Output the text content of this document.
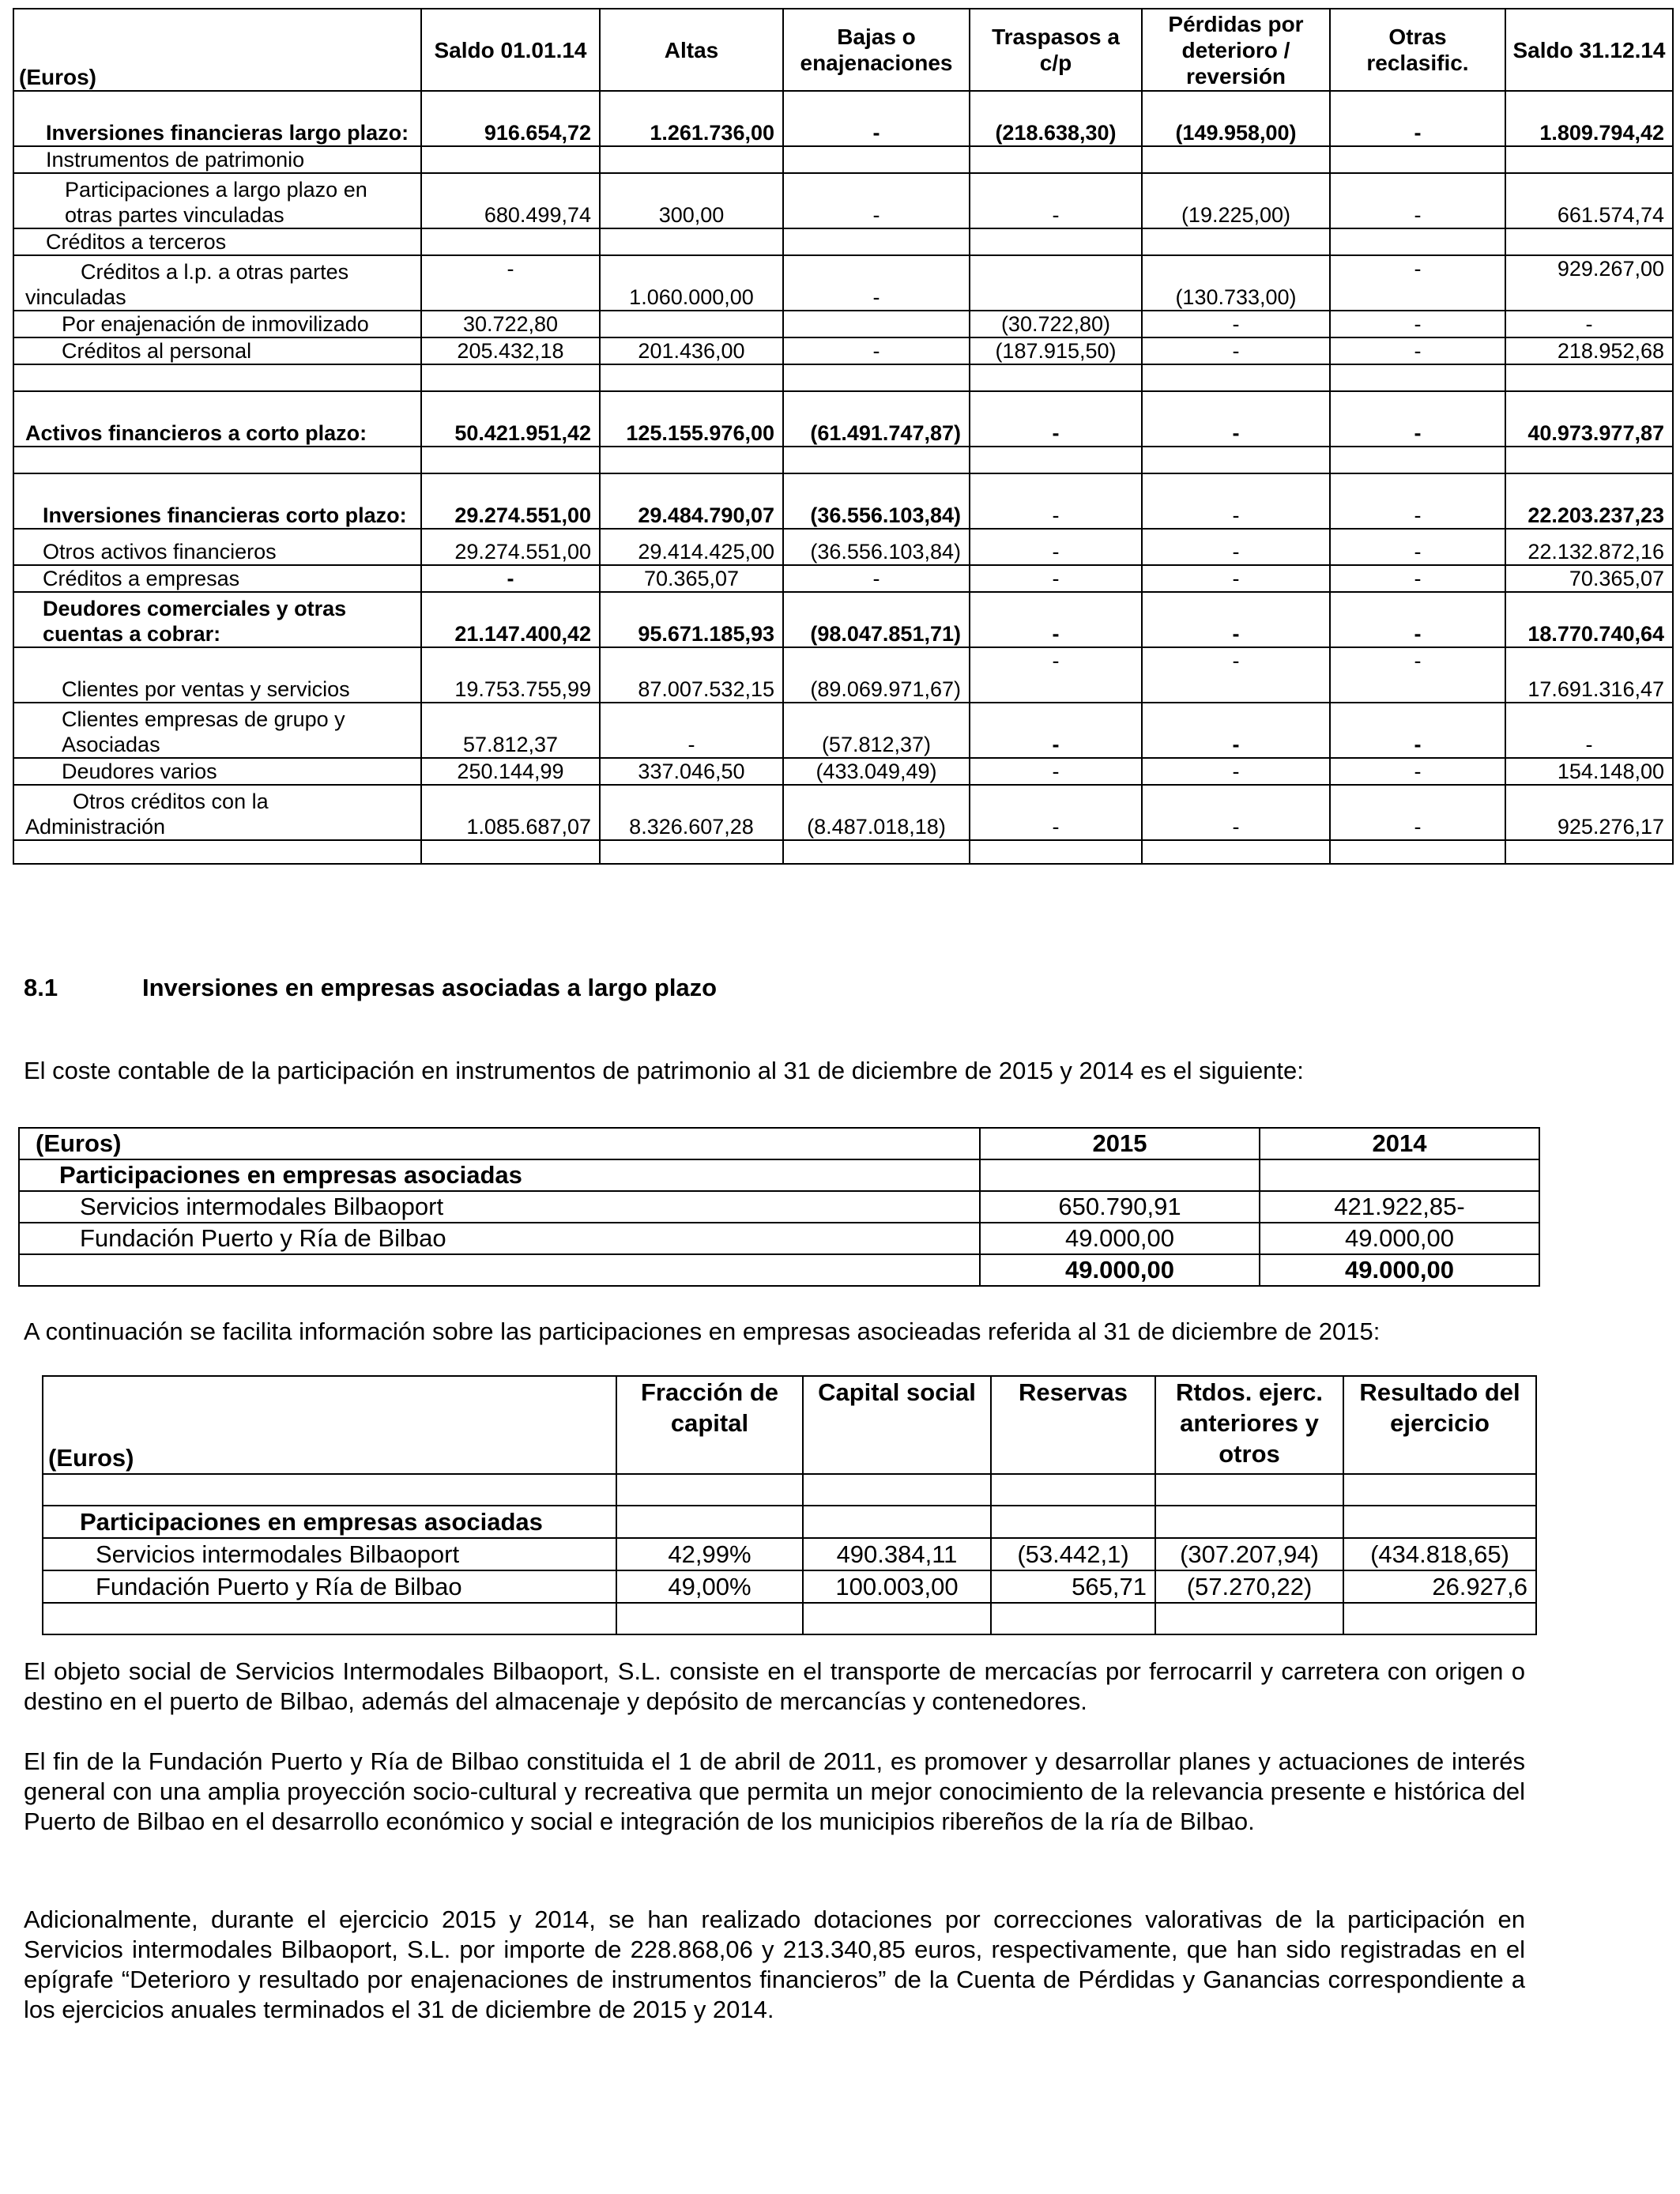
(Euros)	Saldo 01.01.14	Altas	Bajas o enajenaciones	Traspasos a c/p	Pérdidas por deterioro / reversión	Otras reclasific.	Saldo 31.12.14
Inversiones financieras largo plazo:	916.654,72	1.261.736,00	-	(218.638,30)	(149.958,00)	-	1.809.794,42
Instrumentos de patrimonio							
Participaciones a largo plazo en otras partes vinculadas	680.499,74	300,00	-	-	(19.225,00)	-	661.574,74
Créditos a terceros							
Créditos a l.p. a otras partes vinculadas	-	1.060.000,00	-		(130.733,00)	-	929.267,00
Por enajenación de inmovilizado	30.722,80			(30.722,80)	-	-	-
Créditos al personal	205.432,18	201.436,00	-	(187.915,50)	-	-	218.952,68

Activos financieros a corto plazo:	50.421.951,42	125.155.976,00	(61.491.747,87)	-	-	-	40.973.977,87

Inversiones financieras corto plazo:	29.274.551,00	29.484.790,07	(36.556.103,84)	-	-	-	22.203.237,23
Otros activos financieros	29.274.551,00	29.414.425,00	(36.556.103,84)	-	-	-	22.132.872,16
Créditos a empresas	-	70.365,07	-	-	-	-	70.365,07
Deudores comerciales y otras cuentas a cobrar:	21.147.400,42	95.671.185,93	(98.047.851,71)	-	-	-	18.770.740,64
Clientes por ventas y servicios	19.753.755,99	87.007.532,15	(89.069.971,67)	-	-	-	17.691.316,47
Clientes empresas de grupo y Asociadas	57.812,37	-	(57.812,37)	-	-	-	-
Deudores varios	250.144,99	337.046,50	(433.049,49)	-	-	-	154.148,00
Otros créditos con la Administración	1.085.687,07	8.326.607,28	(8.487.018,18)	-	-	-	925.276,17

8.1	Inversiones en empresas asociadas a largo plazo
El coste contable de la participación en instrumentos de patrimonio al 31 de diciembre de 2015 y 2014 es el siguiente:
(Euros)	2015	2014
Participaciones en empresas asociadas		
Servicios intermodales Bilbaoport	650.790,91	421.922,85-
Fundación Puerto y Ría de Bilbao	49.000,00	49.000,00
	49.000,00	49.000,00
A continuación se facilita información sobre las participaciones en empresas asocieadas referida al 31 de diciembre de 2015:
(Euros)	Fracción de capital	Capital social	Reservas	Rtdos. ejerc. anteriores y otros	Resultado del ejercicio

Participaciones en empresas asociadas					
Servicios intermodales Bilbaoport	42,99%	490.384,11	(53.442,1)	(307.207,94)	(434.818,65)
Fundación Puerto y Ría de Bilbao	49,00%	100.003,00	565,71	(57.270,22)	26.927,6

El objeto social de Servicios Intermodales Bilbaoport, S.L. consiste en el transporte de mercacías por ferrocarril y carretera con origen o destino en el puerto de Bilbao, además del almacenaje y depósito de mercancías y contenedores.
El fin de la Fundación Puerto y Ría de Bilbao constituida el 1 de abril de 2011, es promover y desarrollar planes y actuaciones de interés general con una amplia proyección socio-cultural y recreativa que permita un mejor conocimiento de la relevancia presente e histórica del Puerto de Bilbao en el desarrollo económico y social e integración de los municipios ribereños de la ría de Bilbao.
Adicionalmente, durante el ejercicio 2015 y 2014, se han realizado dotaciones por correcciones valorativas de la participación en Servicios intermodales Bilbaoport, S.L. por importe de 228.868,06 y 213.340,85 euros, respectivamente, que han sido registradas en el epígrafe “Deterioro y resultado por enajenaciones de instrumentos financieros” de la Cuenta de Pérdidas y Ganancias correspondiente a los ejercicios anuales terminados el 31 de diciembre de 2015 y 2014.
